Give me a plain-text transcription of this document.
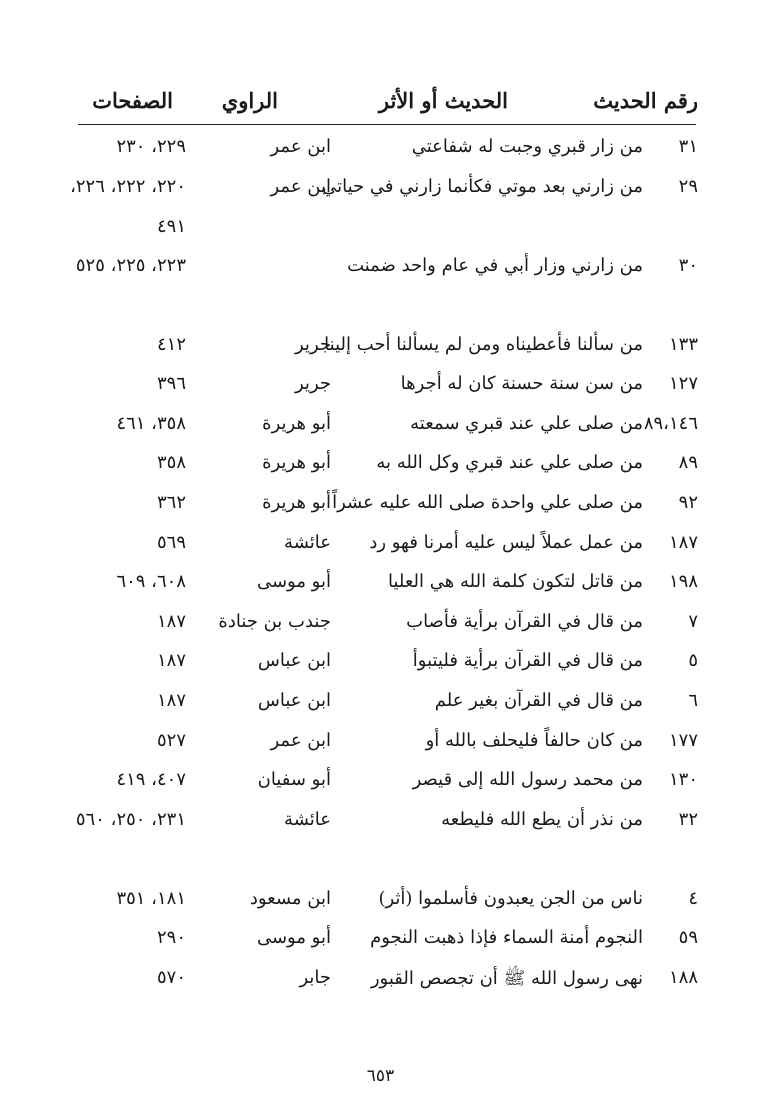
رقم الحديث
الحديث أو الأثر
الراوي
الصفحات
٣١
من زار قبري وجبت له شفاعتي
ابن عمر
٢٢٩، ٢٣٠
٢٩
من زارني بعد موتي فكأنما زارني في حياتي
ابن عمر
٢٢٠، ٢٢٢، ٢٢٦، ٤٩١
٣٠
من زارني وزار أبي في عام واحد ضمنت
٢٢٣، ٢٢٥، ٥٢٥
١٣٣
من سألنا فأعطيناه ومن لم يسألنا أحب إلينا
جرير
٤١٢
١٢٧
من سن سنة حسنة كان له أجرها
جرير
٣٩٦
٨٩،١٤٦
من صلى علي عند قبري سمعته
أبو هريرة
٣٥٨، ٤٦١
٨٩
من صلى علي عند قبري وكل الله به
أبو هريرة
٣٥٨
٩٢
من صلى علي واحدة صلى الله عليه عشراً
أبو هريرة
٣٦٢
١٨٧
من عمل عملاً ليس عليه أمرنا فهو رد
عائشة
٥٦٩
١٩٨
من قاتل لتكون كلمة الله هي العليا
أبو موسى
٦٠٨، ٦٠٩
٧
من قال في القرآن برأية فأصاب
جندب بن جنادة
١٨٧
٥
من قال في القرآن برأية فليتبوأ
ابن عباس
١٨٧
٦
من قال في القرآن بغير علم
ابن عباس
١٨٧
١٧٧
من كان حالفاً فليحلف بالله أو
ابن عمر
٥٢٧
١٣٠
من محمد رسول الله إلى قيصر
أبو سفيان
٤٠٧، ٤١٩
٣٢
من نذر أن يطع الله فليطعه
عائشة
٢٣١، ٢٥٠، ٥٦٠
٤
ناس من الجن يعبدون فأسلموا (أثر)
ابن مسعود
١٨١، ٣٥١
٥٩
النجوم أمنة السماء فإذا ذهبت النجوم
أبو موسى
٢٩٠
١٨٨
نهى رسول الله ﷺ أن تجصص القبور
جابر
٥٧٠
٦٥٣
